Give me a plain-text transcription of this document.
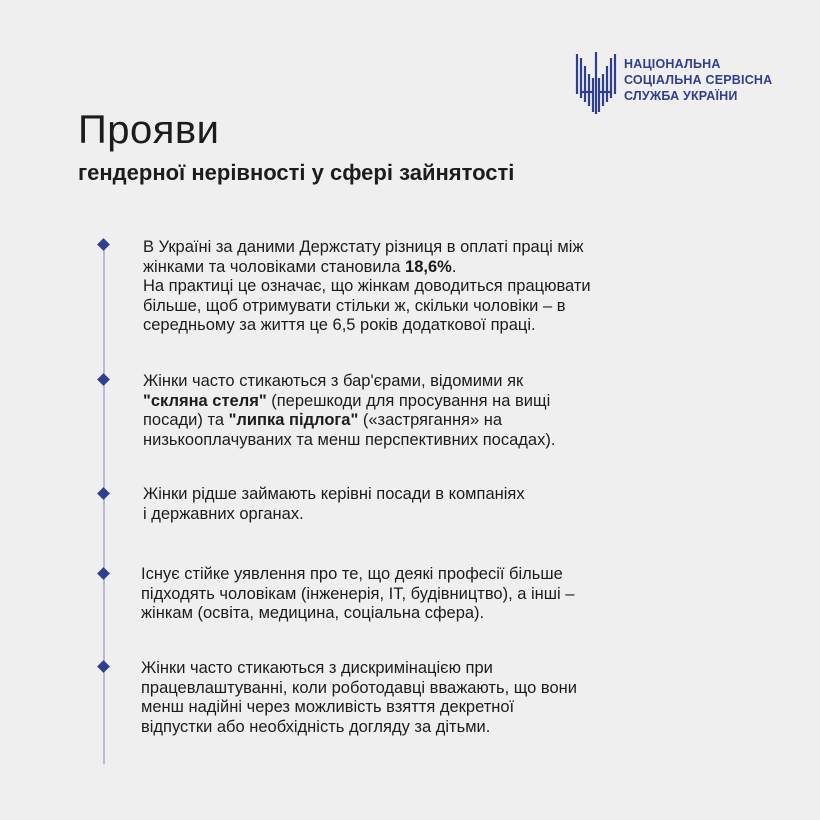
НАЦІОНАЛЬНА
СОЦІАЛЬНА СЕРВІСНА
СЛУЖБА УКРАЇНИ
Прояви
гендерної нерівності у сфері зайнятості
В Україні за даними Держстату різниця в оплаті праці між
жінками та чоловіками становила 18,6%.
На практиці це означає, що жінкам доводиться працювати
більше, щоб отримувати стільки ж, скільки чоловіки – в
середньому за життя це 6,5 років додаткової праці.
Жінки часто стикаються з бар'єрами, відомими як
"скляна стеля" (перешкоди для просування на вищі
посади) та "липка підлога" («застрягання» на
низькооплачуваних та менш перспективних посадах).
Жінки рідше займають керівні посади в компаніях
і державних органах.
Існує стійке уявлення про те, що деякі професії більше
підходять чоловікам (інженерія, ІТ, будівництво), а інші –
жінкам (освіта, медицина, соціальна сфера).
Жінки часто стикаються з дискримінацією при
працевлаштуванні, коли роботодавці вважають, що вони
менш надійні через можливість взяття декретної
відпустки або необхідність догляду за дітьми.
